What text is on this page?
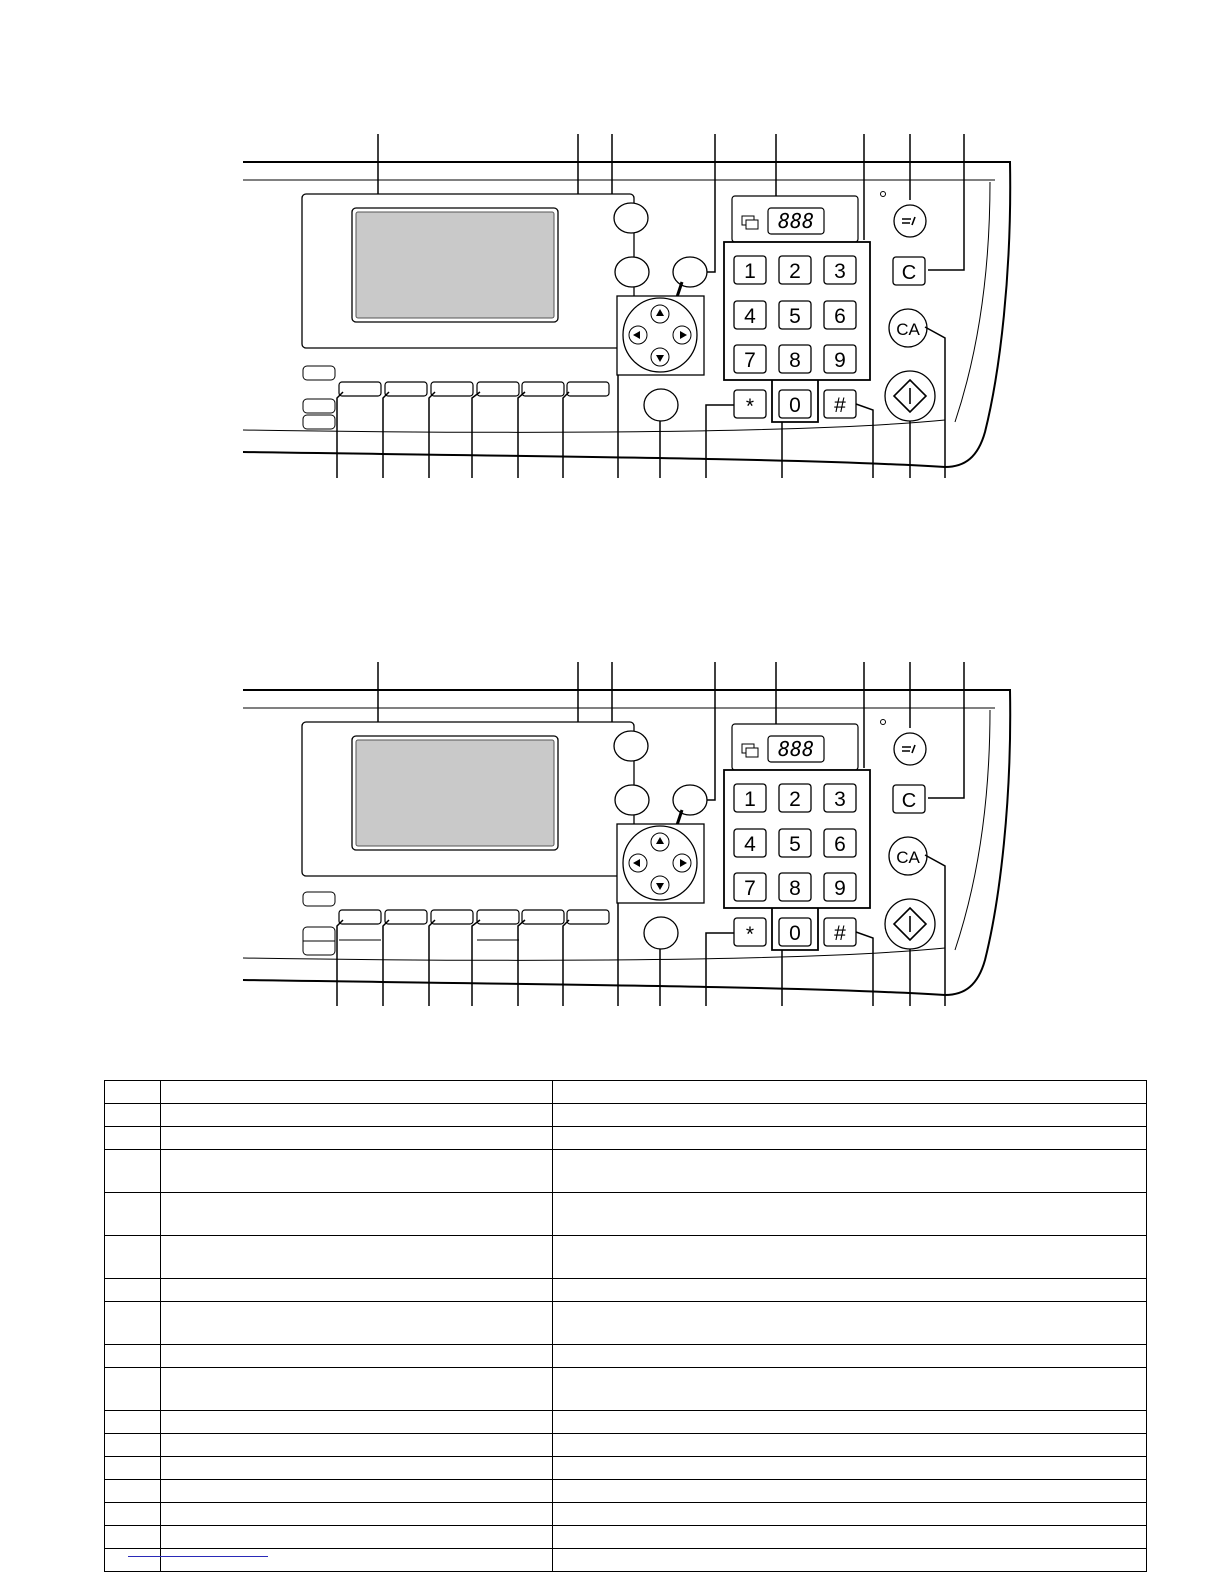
888
1 2 3
4 5 6
7 8 9
* 0 #
C
CA
888
1 2 3
4 5 6
7 8 9
* 0 #
C
CA
